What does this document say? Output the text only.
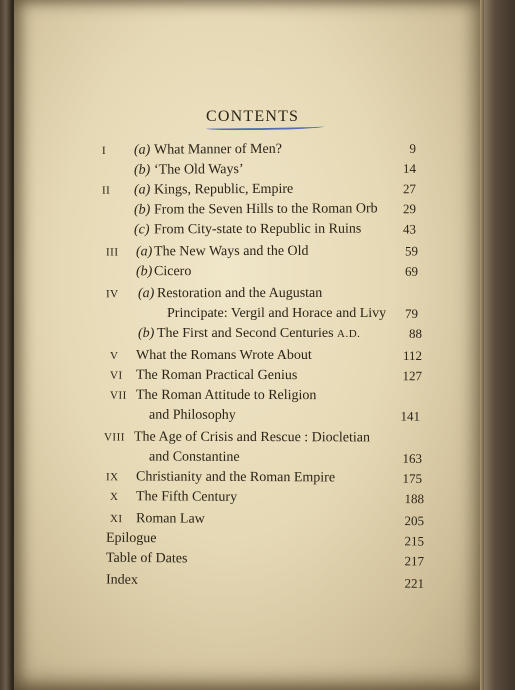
CONTENTS
I (a) What Manner of Men?	9
(b) ‘The Old Ways’	14
II (a) Kings, Republic, Empire	27
(b) From the Seven Hills to the Roman Orb	29
(c) From City-state to Republic in Ruins	43
III (a) The New Ways and the Old	59
(b) Cicero	69
IV (a) Restoration and the Augustan
Principate: Vergil and Horace and Livy	79
(b) The First and Second Centuries A.D.	88
V What the Romans Wrote About	112
VI The Roman Practical Genius	127
VII The Roman Attitude to Religion
and Philosophy	141
VIII The Age of Crisis and Rescue : Diocletian
and Constantine	163
IX Christianity and the Roman Empire	175
X The Fifth Century	188
XI Roman Law	205
Epilogue	215
Table of Dates	217
Index	221
